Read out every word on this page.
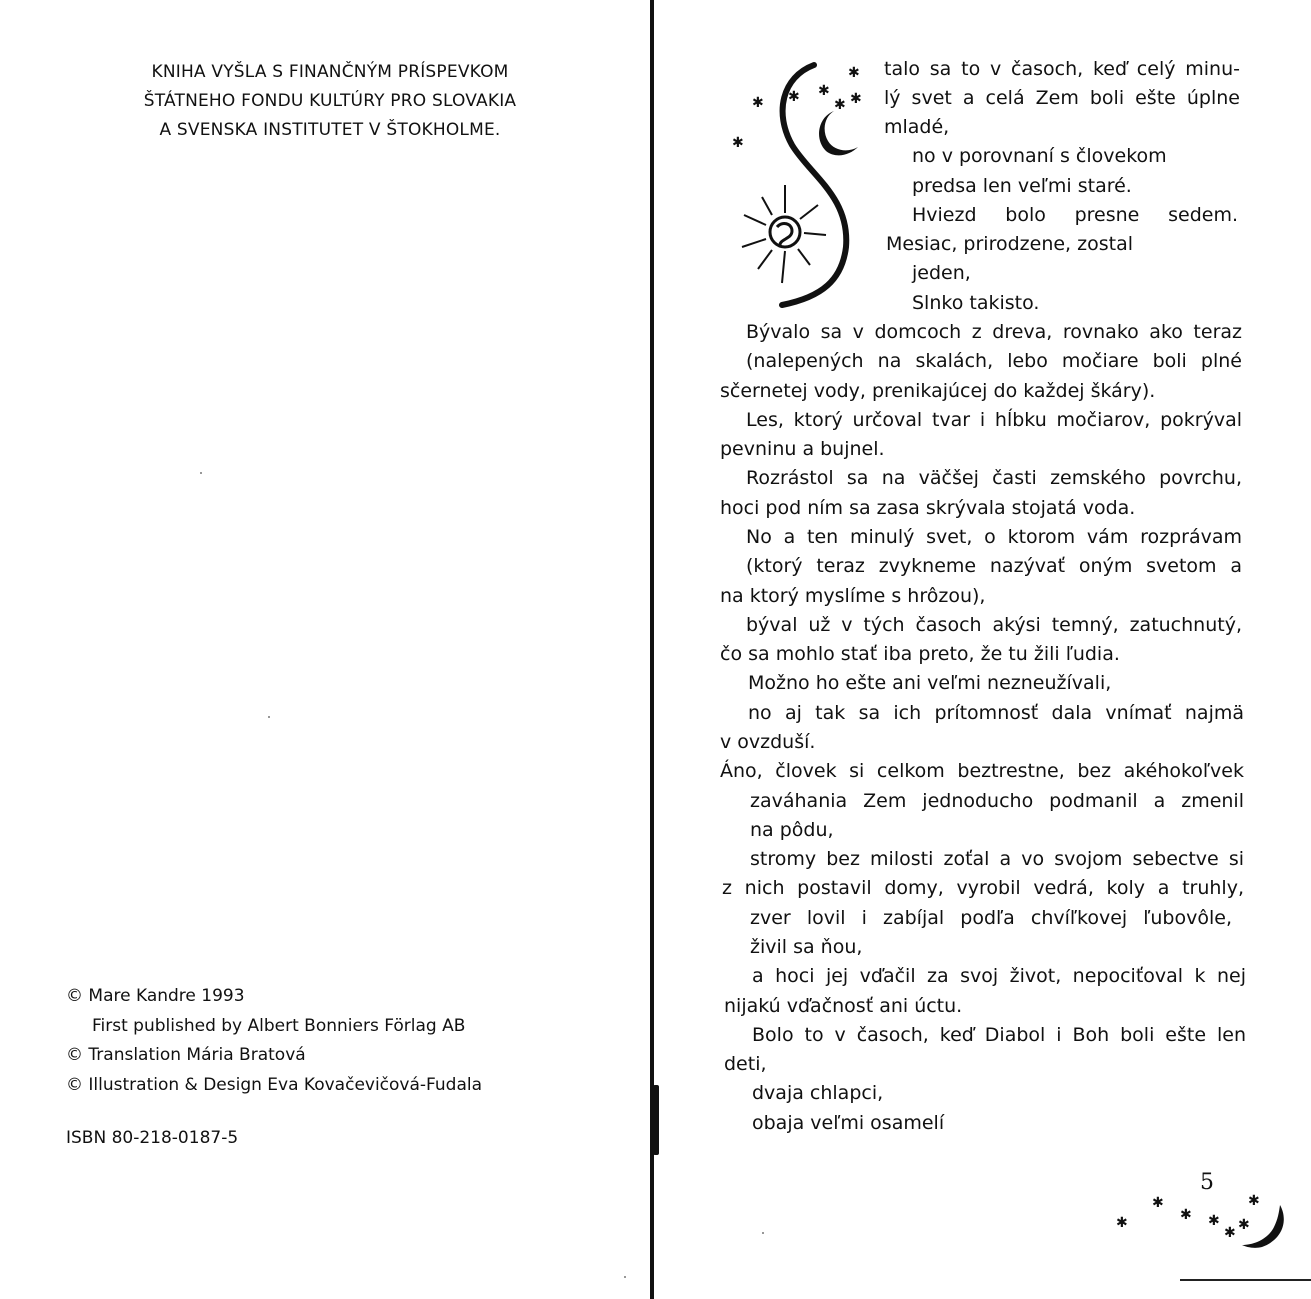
KNIHA VYŠLA S FINANČNÝM PRÍSPEVKOM
ŠTÁTNEHO FONDU KULTÚRY PRO SLOVAKIA
A SVENSKA INSTITUTET V ŠTOKHOLME.
© Mare Kandre 1993
First published by Albert Bonniers Förlag AB
© Translation Mária Bratová
© Illustration & Design Eva Kovačevičová-Fudala
ISBN 80-218-0187-5
✱
✱ ✱ ✱
✱ ✱
✱
talo sa to v časoch, keď celý minu-
lý svet a celá Zem boli ešte úplne
mladé,
no v porovnaní s človekom
predsa len veľmi staré.
Hviezd bolo presne sedem.
Mesiac, prirodzene, zostal
jeden,
Slnko takisto.
Bývalo sa v domcoch z dreva, rovnako ako teraz
(nalepených na skalách, lebo močiare boli plné
sčernetej vody, prenikajúcej do každej škáry).
Les, ktorý určoval tvar i hĺbku močiarov, pokrýval
pevninu a bujnel.
Rozrástol sa na väčšej časti zemského povrchu,
hoci pod ním sa zasa skrývala stojatá voda.
No a ten minulý svet, o ktorom vám rozprávam
(ktorý teraz zvykneme nazývať oným svetom a
na ktorý myslíme s hrôzou),
býval už v tých časoch akýsi temný, zatuchnutý,
čo sa mohlo stať iba preto, že tu žili ľudia.
Možno ho ešte ani veľmi nezneužívali,
no aj tak sa ich prítomnosť dala vnímať najmä
v ovzduší.
Áno, človek si celkom beztrestne, bez akéhokoľvek
zaváhania Zem jednoducho podmanil a zmenil
na pôdu,
stromy bez milosti zoťal a vo svojom sebectve si
z nich postavil domy, vyrobil vedrá, koly a truhly,
zver lovil i zabíjal podľa chvíľkovej ľubovôle,
živil sa ňou,
a hoci jej vďačil za svoj život, nepociťoval k nej
nijakú vďačnosť ani úctu.
Bolo to v časoch, keď Diabol i Boh boli ešte len
deti,
dvaja chlapci,
obaja veľmi osamelí
5
✱
✱
✱ ✱
✱ ✱
✱
